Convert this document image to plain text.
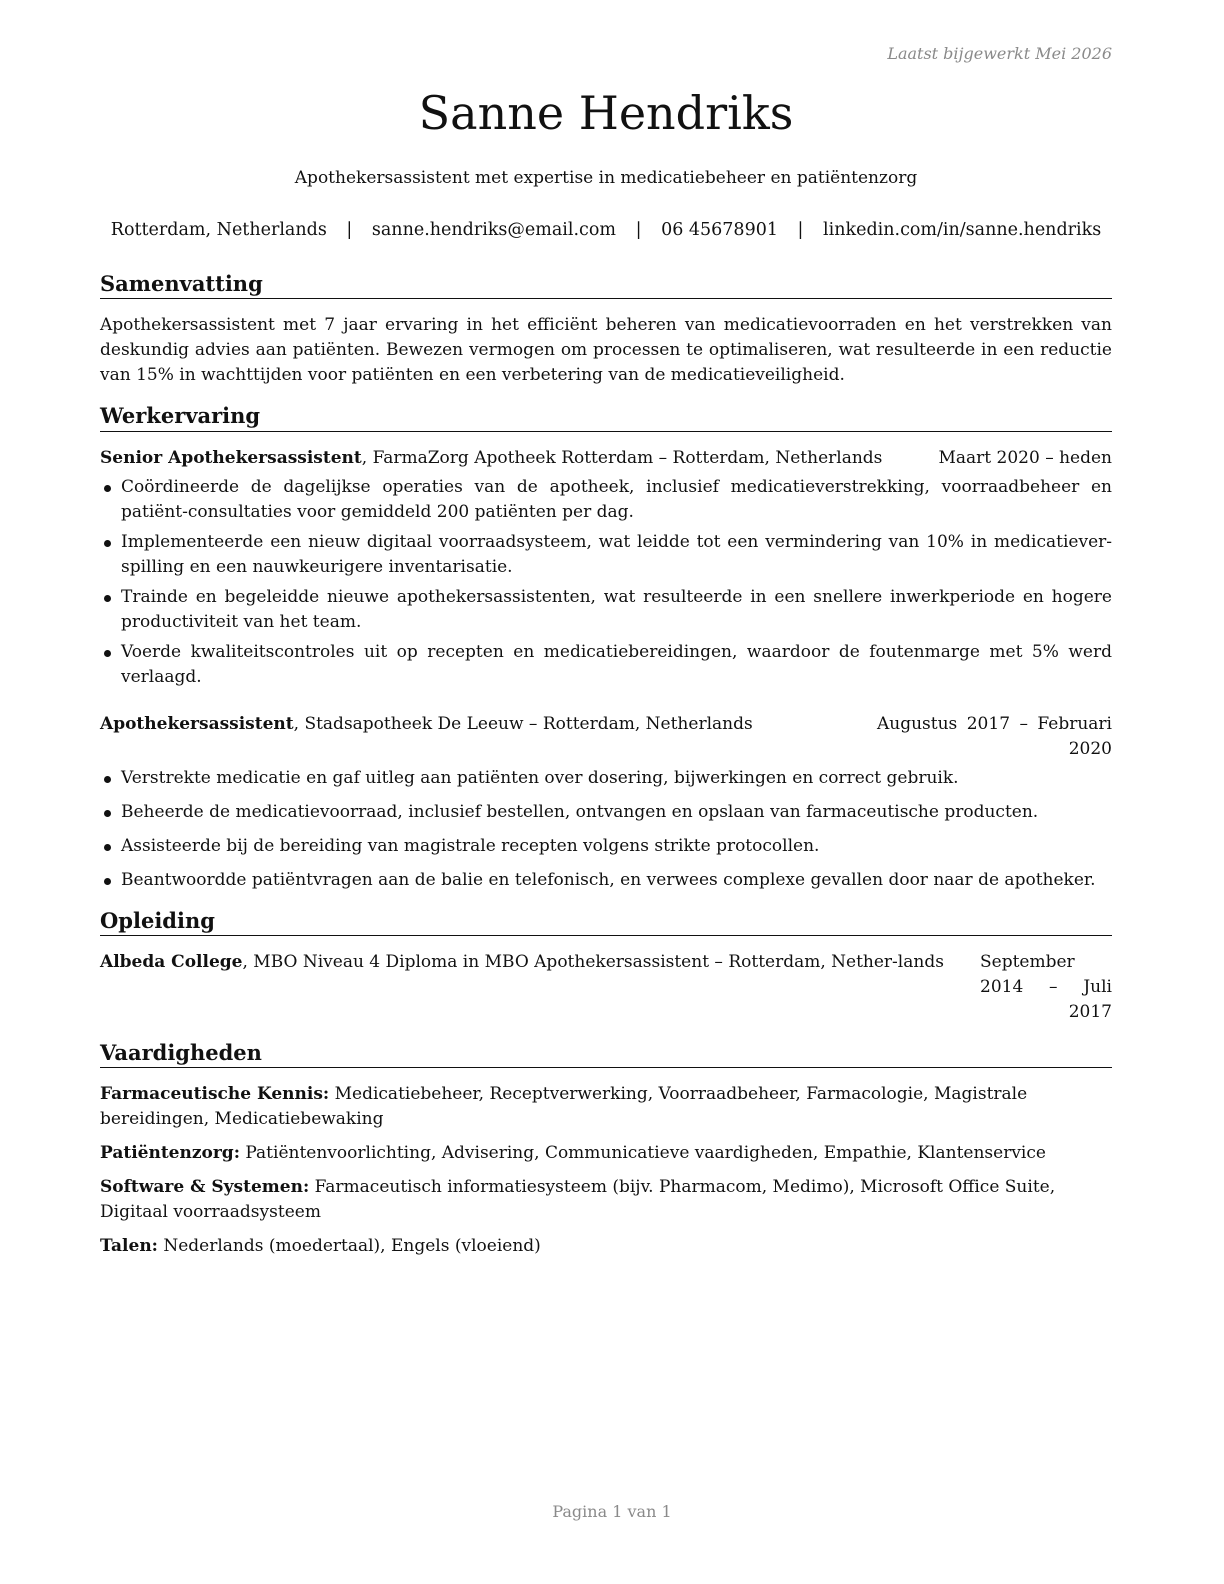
Laatst bijgewerkt Mei 2026
Sanne Hendriks
Apothekersassistent met expertise in medicatiebeheer en patiëntenzorg
Rotterdam, Netherlands | sanne.hendriks@email.com | 06 45678901 | linkedin.com/in/sanne.hendriks
Samenvatting

Apothekersassistent met 7 jaar ervaring in het efficiënt beheren van medicatievoorraden en het verstrekken van deskundig advies aan patiënten. Bewezen vermogen om processen te optimaliseren, wat resulteerde in een reductie van 15% in wachttijden voor patiënten en een verbetering van de medicatieveiligheid.

Werkervaring
Senior Apothekersassistent, FarmaZorg Apotheek Rotterdam – Rotterdam, Netherlands	Maart 2020 – heden
Coördineerde de dagelijkse operaties van de apotheek, inclusief medicatieverstrekking, voorraadbeheer en patiënt-consultaties voor gemiddeld 200 patiënten per dag.
Implementeerde een nieuw digitaal voorraadsysteem, wat leidde tot een vermindering van 10% in medicatiever-spilling en een nauwkeurigere inventarisatie.
Trainde en begeleidde nieuwe apothekersassistenten, wat resulteerde in een snellere inwerkperiode en hogere productiviteit van het team.
Voerde kwaliteitscontroles uit op recepten en medicatiebereidingen, waardoor de foutenmarge met 5% werd verlaagd.
Apothekersassistent, Stadsapotheek De Leeuw – Rotterdam, Netherlands	Augustus 2017 – Februari 2020
Verstrekte medicatie en gaf uitleg aan patiënten over dosering, bijwerkingen en correct gebruik.
Beheerde de medicatievoorraad, inclusief bestellen, ontvangen en opslaan van farmaceutische producten.
Assisteerde bij de bereiding van magistrale recepten volgens strikte protocollen.
Beantwoordde patiëntvragen aan de balie en telefonisch, en verwees complexe gevallen door naar de apotheker.
Opleiding
Albeda College, MBO Niveau 4 Diploma in MBO Apothekersassistent – Rotterdam, Nether-lands	September 2014 – Juli 2017
Vaardigheden
Farmaceutische Kennis: Medicatiebeheer, Receptverwerking, Voorraadbeheer, Farmacologie, Magistrale bereidingen, Medicatiebewaking
Patiëntenzorg: Patiëntenvoorlichting, Advisering, Communicatieve vaardigheden, Empathie, Klantenservice
Software & Systemen: Farmaceutisch informatiesysteem (bijv. Pharmacom, Medimo), Microsoft Office Suite, Digitaal voorraadsysteem
Talen: Nederlands (moedertaal), Engels (vloeiend)
Pagina 1 van 1
